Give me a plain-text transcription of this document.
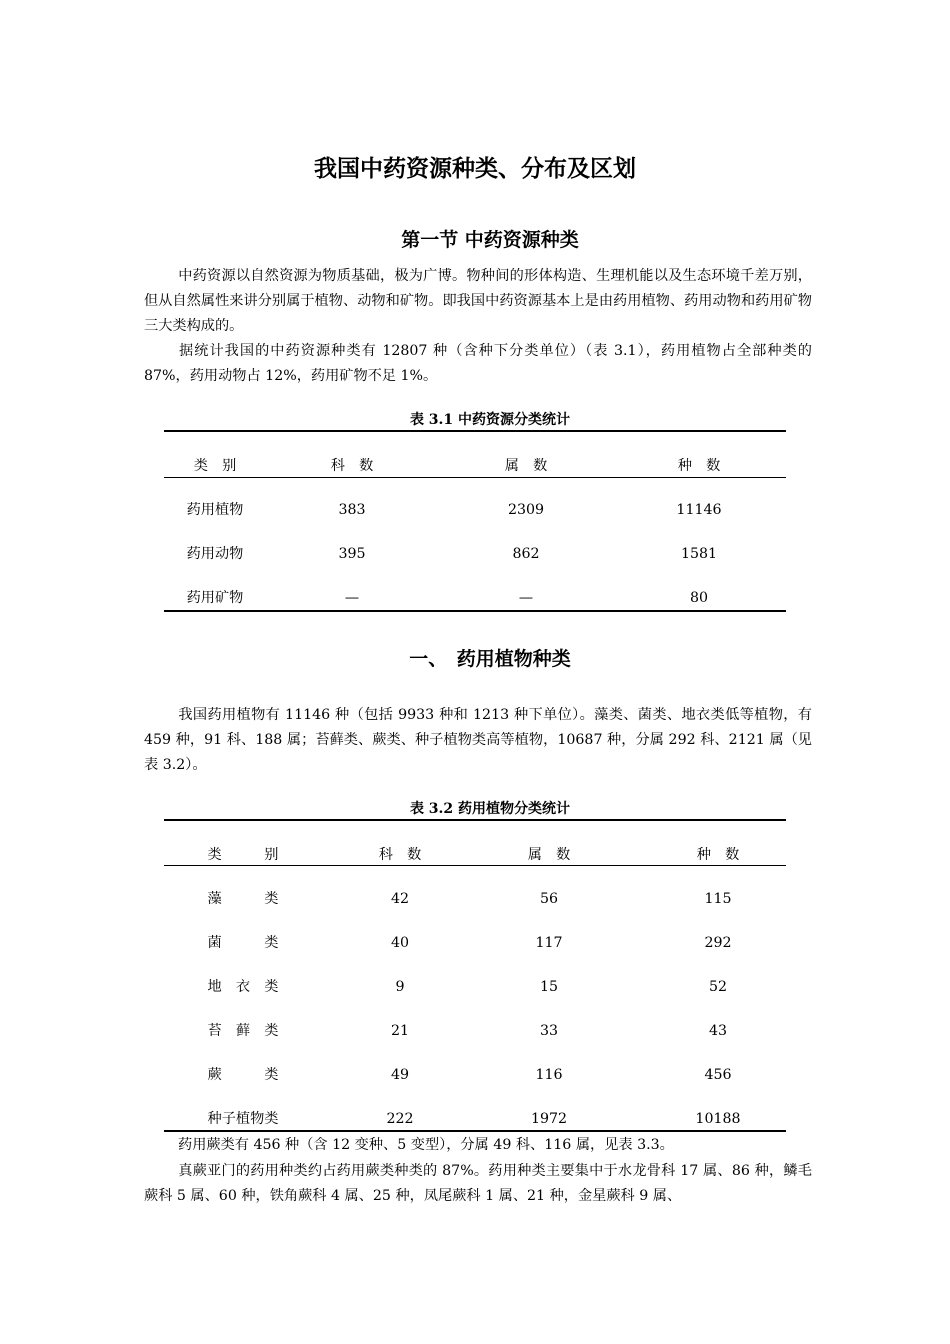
我国中药资源种类、分布及区划
第一节 中药资源种类

中药资源以自然资源为物质基础，极为广博。物种间的形体构造、生理机能以及生态环境千差万别，但从自然属性来讲分别属于植物、动物和矿物。即我国中药资源基本上是由药用植物、药用动物和药用矿物三大类构成的。

据统计我国的中药资源种类有 12807 种（含种下分类单位）（表 3.1），药用植物占全部种类的 87%，药用动物占 12%，药用矿物不足 1%。

表 3.1 中药资源分类统计
类　别	科　数	属　数	种　数
药用植物	383	2309	11146
药用动物	395	862	1581
药用矿物	—	—	80
一、　药用植物种类

我国药用植物有 11146 种（包括 9933 种和 1213 种下单位）。藻类、菌类、地衣类低等植物，有 459 种，91 科、188 属；苔藓类、蕨类、种子植物类高等植物，10687 种，分属 292 科、2121 属（见表 3.2）。

表 3.2 药用植物分类统计
类　　　别	科　数	属　数	种　数
藻　　　类	42	56	115
菌　　　类	40	117	292
地　衣　类	9	15	52
苔　藓　类	21	33	43
蕨　　　类	49	116	456
种子植物类	222	1972	10188

药用蕨类有 456 种（含 12 变种、5 变型），分属 49 科、116 属，见表 3.3。

真蕨亚门的药用种类约占药用蕨类种类的 87%。药用种类主要集中于水龙骨科 17 属、86 种，鳞毛蕨科 5 属、60 种，铁角蕨科 4 属、25 种，凤尾蕨科 1 属、21 种，金星蕨科 9 属、
